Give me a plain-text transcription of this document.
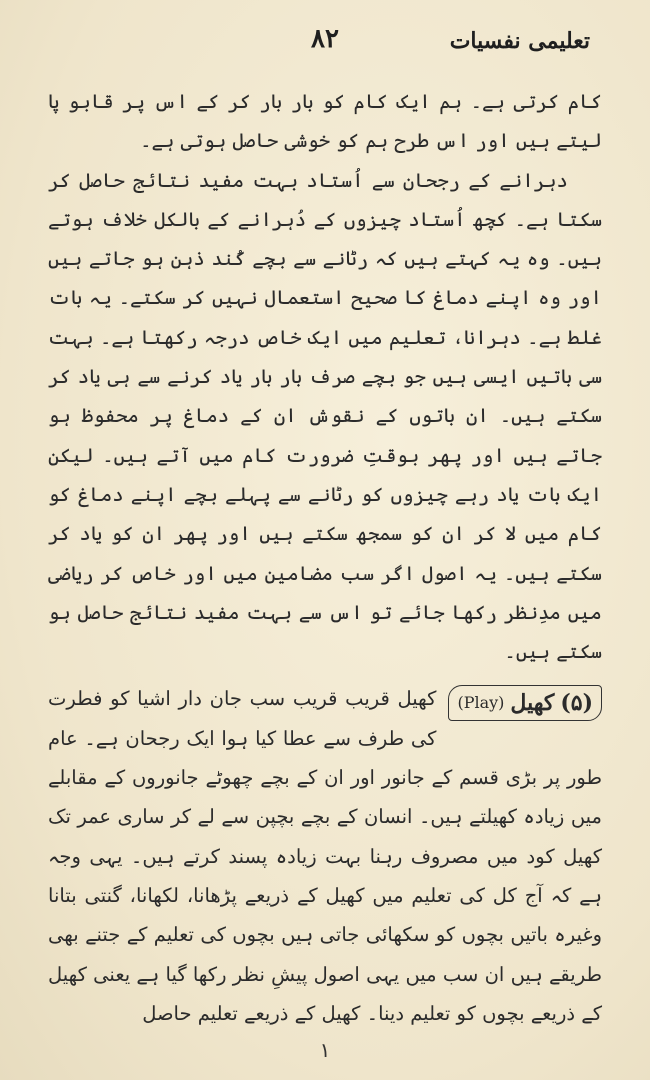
تعلیمی نفسیات
۸۲

کام کرتی ہے۔ ہم ایک کام کو بار بار کر کے اس پر قابو پا لیتے ہیں اور اس طرح ہم کو خوشی حاصل ہوتی ہے۔

دہرانے کے رجحان سے اُستاد بہت مفید نتائج حاصل کر سکتا ہے۔ کچھ اُستاد چیزوں کے دُہرانے کے بالکل خلاف ہوتے ہیں۔ وہ یہ کہتے ہیں کہ رٹانے سے بچے کُند ذہن ہو جاتے ہیں اور وہ اپنے دماغ کا صحیح استعمال نہیں کر سکتے۔ یہ بات غلط ہے۔ دہرانا، تعلیم میں ایک خاص درجہ رکھتا ہے۔ بہت سی باتیں ایسی ہیں جو بچے صرف بار بار یاد کرنے سے ہی یاد کر سکتے ہیں۔ ان باتوں کے نقوش ان کے دماغ پر محفوظ ہو جاتے ہیں اور پھر بوقتِ ضرورت کام میں آتے ہیں۔ لیکن ایک بات یاد رہے چیزوں کو رٹانے سے پہلے بچے اپنے دماغ کو کام میں لا کر ان کو سمجھ سکتے ہیں اور پھر ان کو یاد کر سکتے ہیں۔ یہ اصول اگر سب مضامین میں اور خاص کر ریاضی میں مدِنظر رکھا جائے تو اس سے بہت مفید نتائج حاصل ہو سکتے ہیں۔

(۵)
کھیل
(Play)

کھیل قریب قریب سب جان دار اشیا کو فطرت کی طرف سے عطا کیا ہوا ایک رجحان ہے۔ عام طور پر بڑی قسم کے جانور اور ان کے بچے چھوٹے جانوروں کے مقابلے میں زیادہ کھیلتے ہیں۔ انسان کے بچے بچپن سے لے کر ساری عمر تک کھیل کود میں مصروف رہنا بہت زیادہ پسند کرتے ہیں۔ یہی وجہ ہے کہ آج کل کی تعلیم میں کھیل کے ذریعے پڑھانا، لکھانا، گنتی بتانا وغیرہ باتیں بچوں کو سکھائی جاتی ہیں بچوں کی تعلیم کے جتنے بھی طریقے ہیں ان سب میں یہی اصول پیشِ نظر رکھا گیا ہے یعنی کھیل کے ذریعے بچوں کو تعلیم دینا۔ کھیل کے ذریعے تعلیم حاصل

۱
